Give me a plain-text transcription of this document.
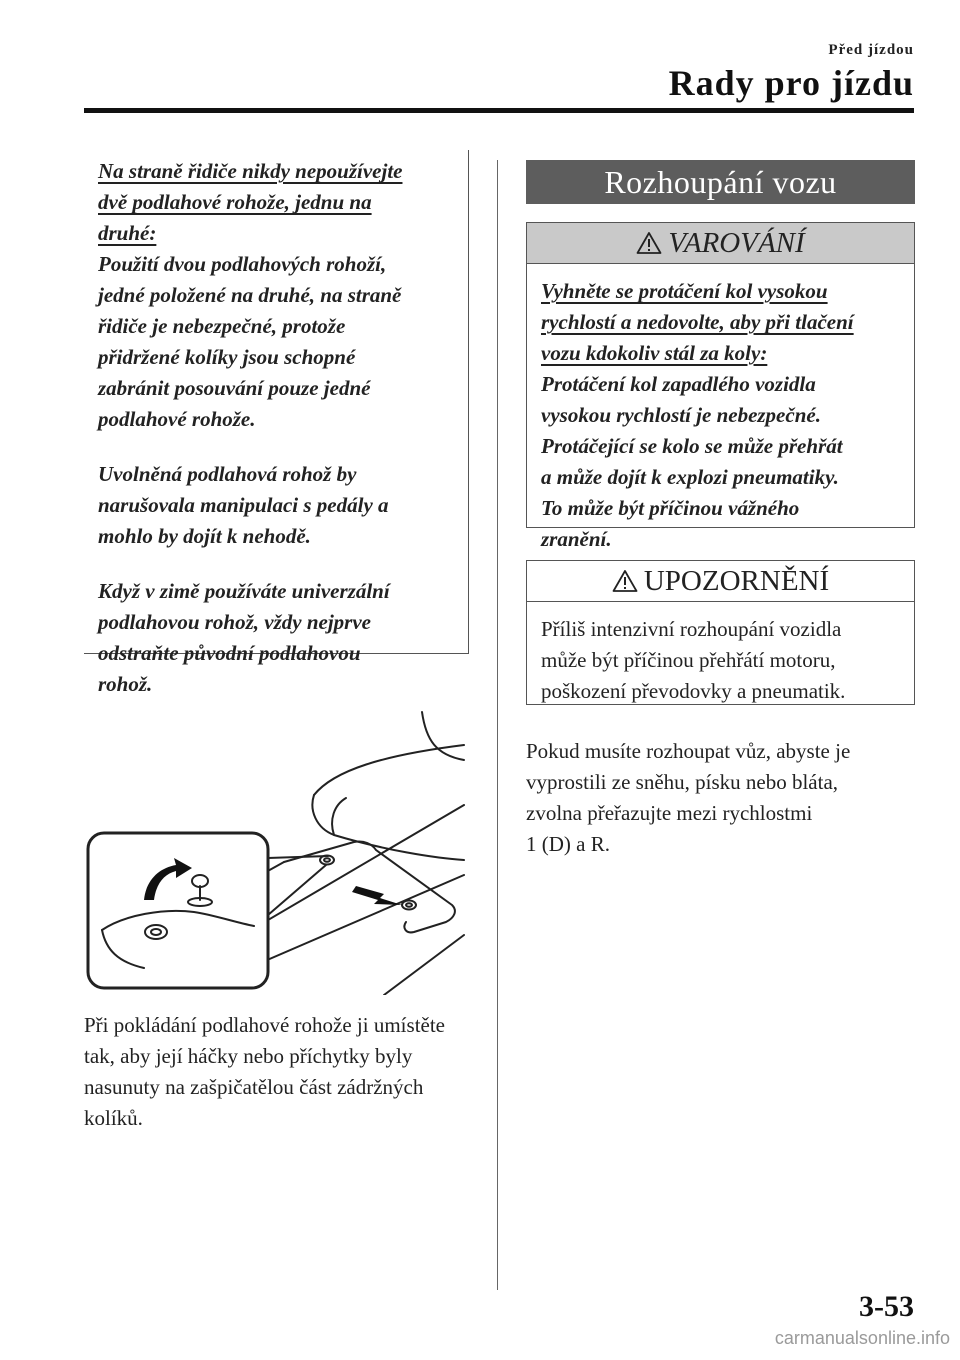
Před jízdou
Rady pro jízdu
Na straně řidiče nikdy nepoužívejte
dvě podlahové rohože, jednu na
druhé:
Použití dvou podlahových rohoží,
jedné položené na druhé, na straně
řidiče je nebezpečné, protože
přidržené kolíky jsou schopné
zabránit posouvání pouze jedné
podlahové rohože.
Uvolněná podlahová rohož by
narušovala manipulaci s pedály a
mohlo by dojít k nehodě.
Když v zimě používáte univerzální
podlahovou rohož, vždy nejprve
odstraňte původní podlahovou
rohož.
Při pokládání podlahové rohože ji umístěte
tak, aby její háčky nebo příchytky byly
nasunuty na zašpičatělou část zádržných
kolíků.
Rozhoupání vozu
VAROVÁNÍ
Vyhněte se protáčení kol vysokou
rychlostí a nedovolte, aby při tlačení
vozu kdokoliv stál za koly:
Protáčení kol zapadlého vozidla
vysokou rychlostí je nebezpečné.
Protáčející se kolo se může přehřát
a může dojít k explozi pneumatiky.
To může být příčinou vážného
zranění.
UPOZORNĚNÍ
Příliš intenzivní rozhoupání vozidla
může být příčinou přehřátí motoru,
poškození převodovky a pneumatik.
Pokud musíte rozhoupat vůz, abyste je
vyprostili ze sněhu, písku nebo bláta,
zvolna přeřazujte mezi rychlostmi
1 (D) a R.
3-53
carmanualsonline.info
